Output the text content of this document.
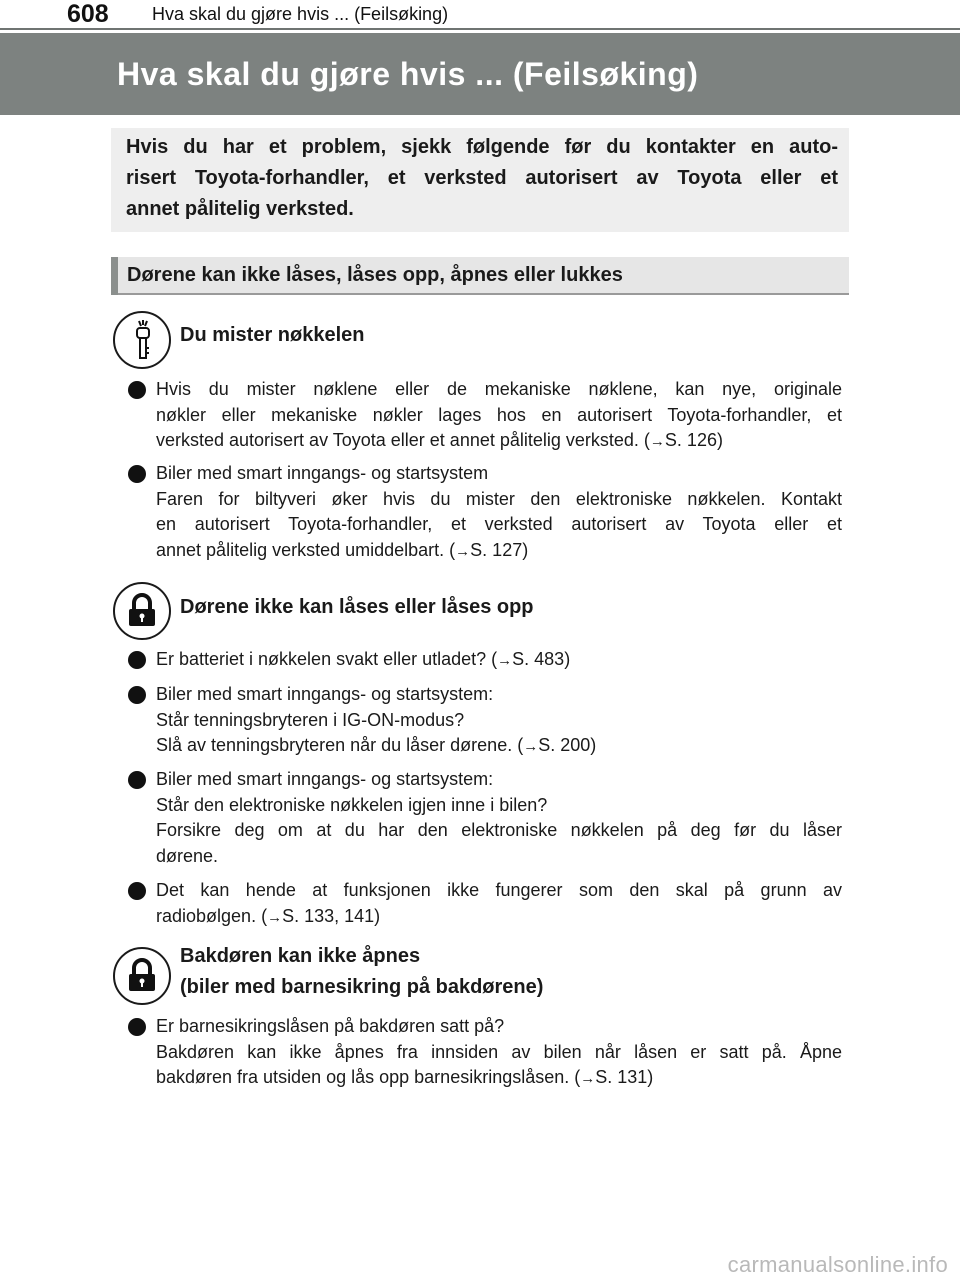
608 Hva skal du gjøre hvis ... (Feilsøking)
Hva skal du gjøre hvis ... (Feilsøking)
Hvis du har et problem, sjekk følgende før du kontakter en auto-
risert Toyota-forhandler, et verksted autorisert av Toyota eller et
annet pålitelig verksted.
Dørene kan ikke låses, låses opp, åpnes eller lukkes
Du mister nøkkelen
Hvis du mister nøklene eller de mekaniske nøklene, kan nye, originale
nøkler eller mekaniske nøkler lages hos en autorisert Toyota-forhandler, et
verksted autorisert av Toyota eller et annet pålitelig verksted. (→S. 126)
Biler med smart inngangs- og startsystem
Faren for biltyveri øker hvis du mister den elektroniske nøkkelen. Kontakt
en autorisert Toyota-forhandler, et verksted autorisert av Toyota eller et
annet pålitelig verksted umiddelbart. (→S. 127)
Dørene ikke kan låses eller låses opp
Er batteriet i nøkkelen svakt eller utladet? (→S. 483)
Biler med smart inngangs- og startsystem:
Står tenningsbryteren i IG-ON-modus?
Slå av tenningsbryteren når du låser dørene. (→S. 200)
Biler med smart inngangs- og startsystem:
Står den elektroniske nøkkelen igjen inne i bilen?
Forsikre deg om at du har den elektroniske nøkkelen på deg før du låser
dørene.
Det kan hende at funksjonen ikke fungerer som den skal på grunn av
radiobølgen. (→S. 133, 141)
Bakdøren kan ikke åpnes
(biler med barnesikring på bakdørene)
Er barnesikringslåsen på bakdøren satt på?
Bakdøren kan ikke åpnes fra innsiden av bilen når låsen er satt på. Åpne
bakdøren fra utsiden og lås opp barnesikringslåsen. (→S. 131)
carmanualsonline.info
